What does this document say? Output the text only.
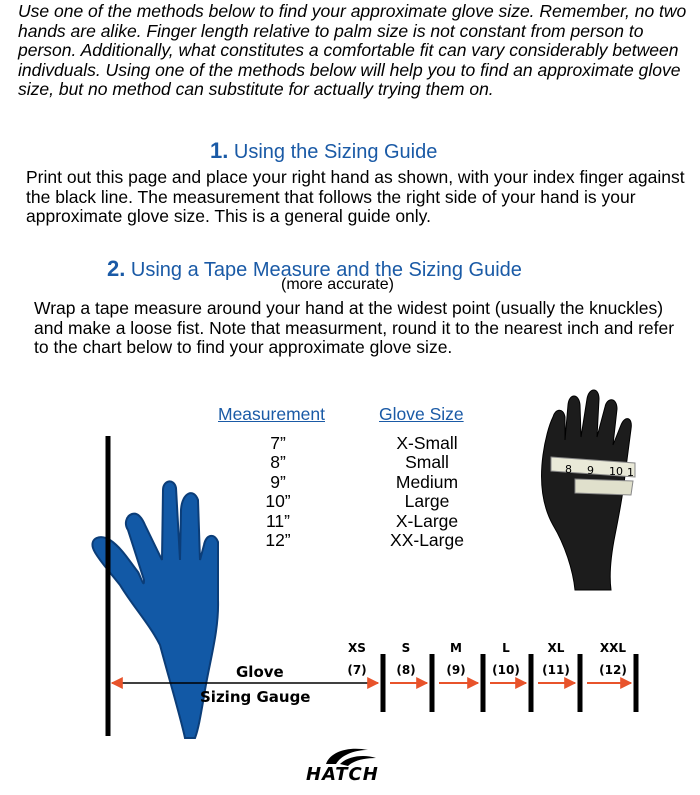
Use one of the methods below to find your approximate glove size. Remember, no two hands are alike. Finger length relative to palm size is not constant from person to person. Additionally, what constitutes a comfortable fit can vary considerably between indivduals. Using one of the methods below will help you to find an approximate glove size, but no method can substitute for actually trying them on.
1. Using the Sizing Guide
Print out this page and place your right hand as shown, with your index finger against the black line. The measurement that follows the right side of your hand is your approximate glove size. This is a general guide only.
2. Using a Tape Measure and the Sizing Guide
(more accurate)
Wrap a tape measure around your hand at the widest point (usually the knuckles) and make a loose fist. Note that measurment, round it to the nearest inch and refer to the chart below to find your approximate glove size.
Measurement	Glove Size
7”
8”
9”
10”
11”
12”
X-Small
Small
Medium
Large
X-Large
XX-Large
Glove
Sizing Gauge
XS
(7)
S
(8)
M
(9)
L
(10)
XL
(11)
XXL
(12)
8 9 10 1
HATCH
